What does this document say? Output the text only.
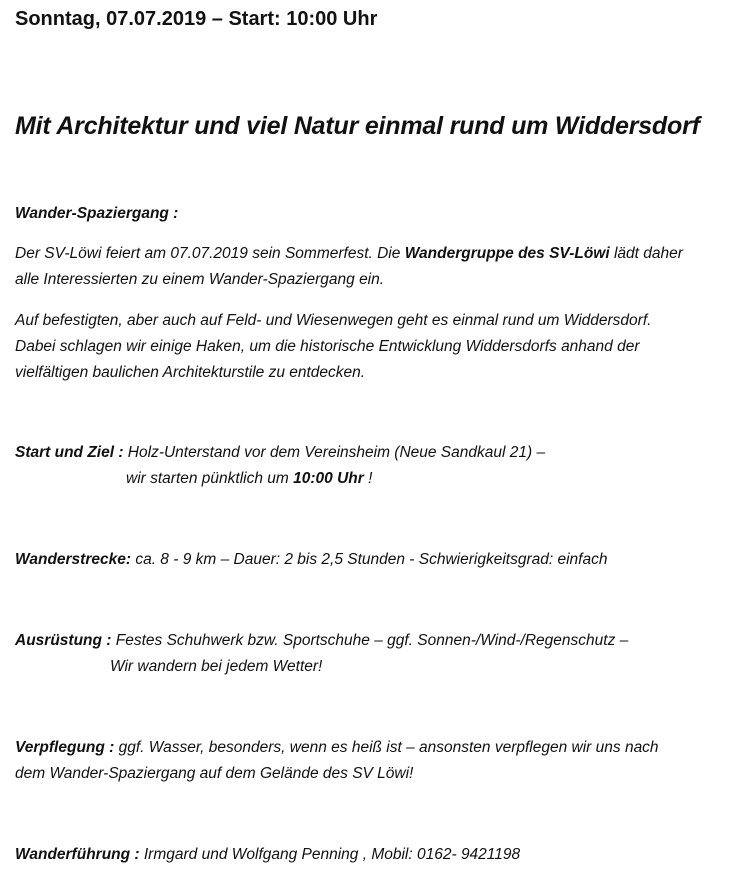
Sonntag, 07.07.2019 – Start: 10:00 Uhr
Mit Architektur und viel Natur einmal rund um Widdersdorf
Wander-Spaziergang :
Der SV-Löwi feiert am 07.07.2019 sein Sommerfest. Die Wandergruppe des SV-Löwi lädt daher
alle Interessierten zu einem Wander-Spaziergang ein.
Auf befestigten, aber auch auf Feld- und Wiesenwegen geht es einmal rund um Widdersdorf.
Dabei schlagen wir einige Haken, um die historische Entwicklung Widdersdorfs anhand der
vielfältigen baulichen Architekturstile zu entdecken.
Start und Ziel : Holz-Unterstand vor dem Vereinsheim (Neue Sandkaul 21) –
wir starten pünktlich um 10:00 Uhr !
Wanderstrecke: ca. 8 - 9 km – Dauer: 2 bis 2,5 Stunden - Schwierigkeitsgrad: einfach
Ausrüstung : Festes Schuhwerk bzw. Sportschuhe – ggf. Sonnen-/Wind-/Regenschutz –
Wir wandern bei jedem Wetter!
Verpflegung : ggf. Wasser, besonders, wenn es heiß ist – ansonsten verpflegen wir uns nach
dem Wander-Spaziergang auf dem Gelände des SV Löwi!
Wanderführung : Irmgard und Wolfgang Penning , Mobil: 0162- 9421198
